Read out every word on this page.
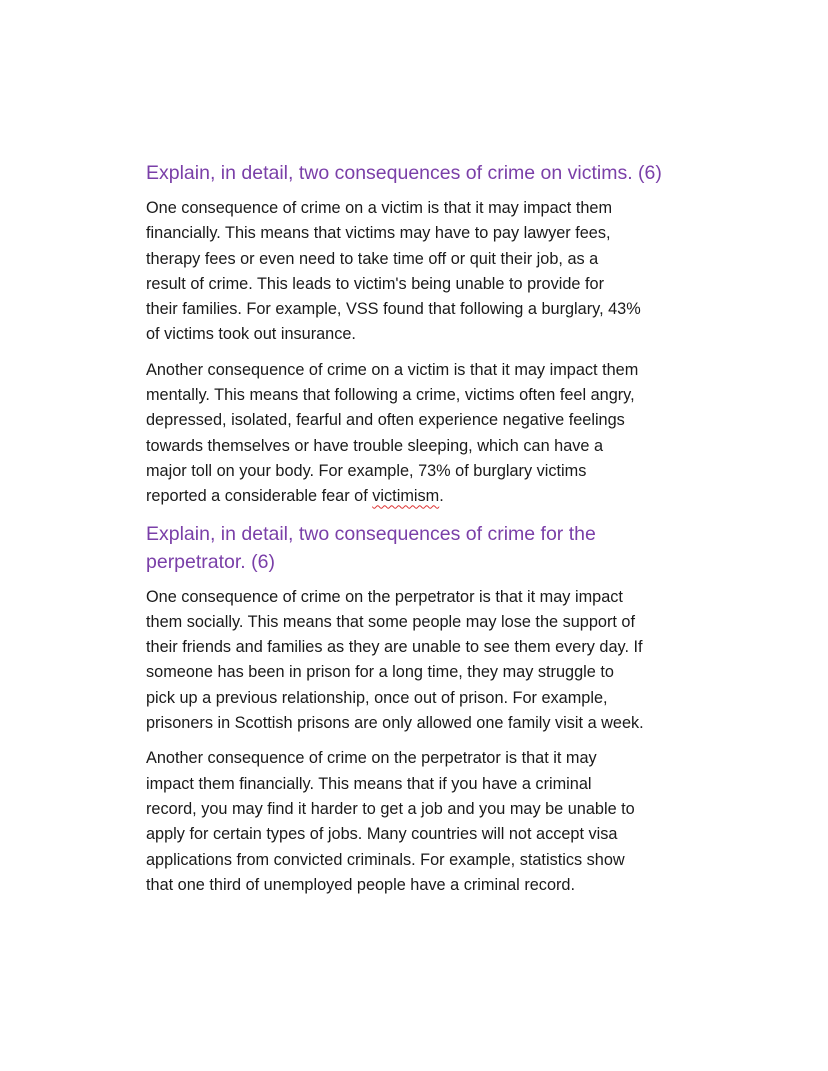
Explain, in detail, two consequences of crime on victims. (6)

One consequence of crime on a victim is that it may impact them
financially. This means that victims may have to pay lawyer fees,
therapy fees or even need to take time off or quit their job, as a
result of crime. This leads to victim's being unable to provide for
their families. For example, VSS found that following a burglary, 43%
of victims took out insurance.

Another consequence of crime on a victim is that it may impact them
mentally. This means that following a crime, victims often feel angry,
depressed, isolated, fearful and often experience negative feelings
towards themselves or have trouble sleeping, which can have a
major toll on your body. For example, 73% of burglary victims
reported a considerable fear of victimism.

Explain, in detail, two consequences of crime for the
perpetrator. (6)

One consequence of crime on the perpetrator is that it may impact
them socially. This means that some people may lose the support of
their friends and families as they are unable to see them every day. If
someone has been in prison for a long time, they may struggle to
pick up a previous relationship, once out of prison. For example,
prisoners in Scottish prisons are only allowed one family visit a week.

Another consequence of crime on the perpetrator is that it may
impact them financially. This means that if you have a criminal
record, you may find it harder to get a job and you may be unable to
apply for certain types of jobs. Many countries will not accept visa
applications from convicted criminals. For example, statistics show
that one third of unemployed people have a criminal record.
